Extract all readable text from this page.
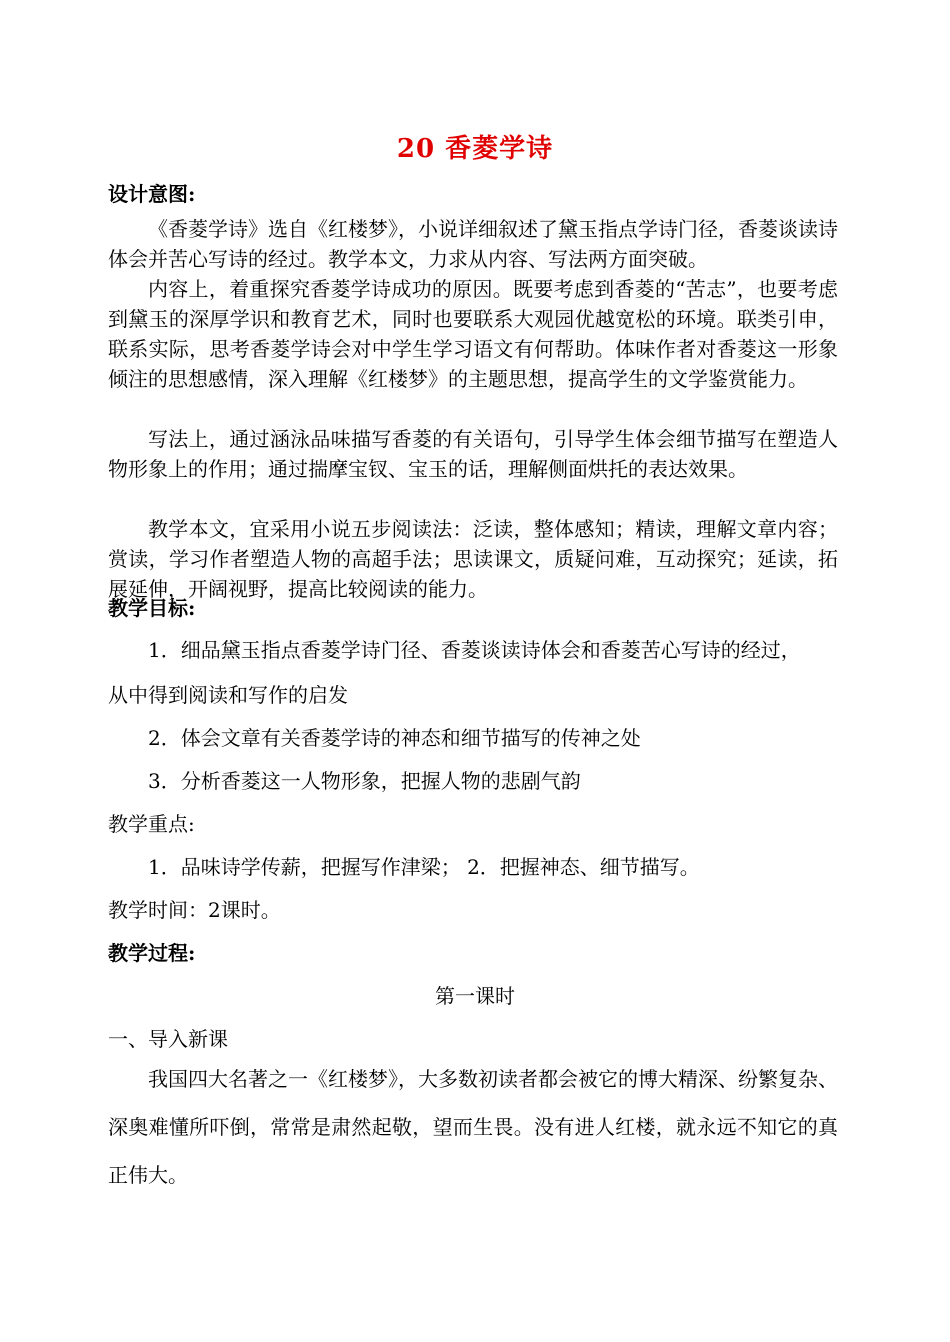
20 香菱学诗
设计意图:

《香菱学诗》选自《红楼梦》，小说详细叙述了黛玉指点学诗门径，香菱谈读诗体会并苦心写诗的经过。教学本文，力求从内容、写法两方面突破。

内容上，着重探究香菱学诗成功的原因。既要考虑到香菱的“苦志”，也要考虑到黛玉的深厚学识和教育艺术，同时也要联系大观园优越宽松的环境。联类引申，联系实际，思考香菱学诗会对中学生学习语文有何帮助。体味作者对香菱这一形象倾注的思想感情，深入理解《红楼梦》的主题思想，提高学生的文学鉴赏能力。

写法上，通过涵泳品味描写香菱的有关语句，引导学生体会细节描写在塑造人物形象上的作用；通过揣摩宝钗、宝玉的话，理解侧面烘托的表达效果。

教学本文，宜采用小说五步阅读法：泛读，整体感知；精读，理解文章内容；赏读，学习作者塑造人物的高超手法；思读课文，质疑问难，互动探究；延读，拓展延伸，开阔视野，提高比较阅读的能力。

教学目标:
1．细品黛玉指点香菱学诗门径、香菱谈读诗体会和香菱苦心写诗的经过，
从中得到阅读和写作的启发
2．体会文章有关香菱学诗的神态和细节描写的传神之处
3．分析香菱这一人物形象，把握人物的悲剧气韵
教学重点:
1．品味诗学传薪，把握写作津梁； 2．把握神态、细节描写。
教学时间：2课时。
教学过程:
第一课时
一、导入新课

我国四大名著之一《红楼梦》，大多数初读者都会被它的博大精深、纷繁复杂、深奥难懂所吓倒，常常是肃然起敬，望而生畏。没有进人红楼，就永远不知它的真正伟大。
